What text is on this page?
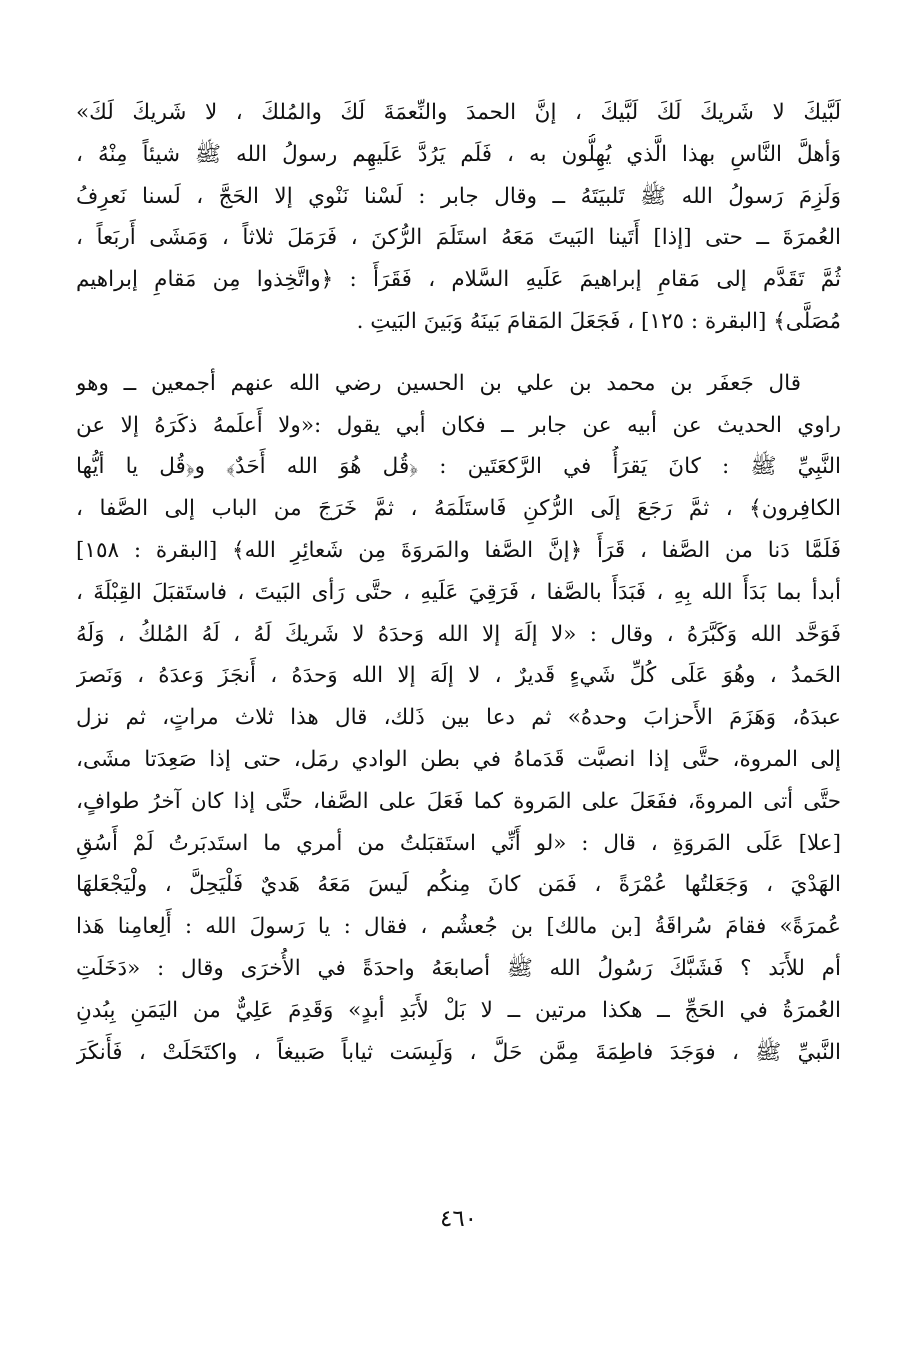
لَبَّيكَ لا شَريكَ لَكَ لَبَّيكَ ، إنَّ الحمدَ والنِّعمَةَ لَكَ والمُلكَ ، لا شَريكَ لَكَ»
وَأهلَّ النَّاسِ بهذا الَّذي يُهِلُّون به ، فَلَم يَرُدَّ عَلَيهِم رسولُ الله ﷺ شيئاً مِنْهُ ،
وَلَزِمَ رَسولُ الله ﷺ تَلبيَتَهُ ــ وقال جابر : لَسْنا نَنْوي إلا الحَجَّ ، لَسنا نَعرِفُ
العُمرَةَ ــ حتى [إذا] أَتَينا البَيتَ مَعَهُ استَلَمَ الرُّكنَ ، فَرَمَلَ ثلاثاً ، وَمَشَى أَربَعاً ،
ثُمَّ تَقَدَّم إلى مَقامِ إبراهيمَ عَلَيهِ السَّلام ، فَقَرَأَ : ﴿واتَّخِذوا مِن مَقامِ إبراهيم
مُصَلَّى﴾ [البقرة : ١٢٥] ، فَجَعَلَ المَقامَ بَينَهُ وَبَينَ البَيتِ .
قال جَعفَر بن محمد بن علي بن الحسين رضي الله عنهم أجمعين ــ وهو
راوي الحديث عن أبيه عن جابر ــ فكان أبي يقول :«ولا أَعلَمهُ ذكَرَهُ إلا عن
النَّبِيِّ ﷺ : كانَ يَقرَأُ في الرَّكعَتَين : ﴿قُل هُوَ الله أَحَدٌ﴾ و﴿قُل يا أيُّها
الكافِرون﴾ ، ثمَّ رَجَعَ إلَى الرُّكنِ فَاستَلَمَهُ ، ثمَّ خَرَجَ من الباب إلى الصَّفا ،
فَلَمَّا دَنا من الصَّفا ، قَرَأَ ﴿إنَّ الصَّفا والمَروَةَ مِن شَعائِرِ الله﴾ [البقرة : ١٥٨]
أبدأ بما بَدَأَ الله بِهِ ، فَبَدَأَ بالصَّفا ، فَرَقِيَ عَلَيهِ ، حتَّى رَأى البَيتَ ، فاستَقبَلَ القِبْلَةَ ،
فَوَحَّد الله وَكَبَّرَهُ ، وقال : «لا إلَهَ إلا الله وَحدَهُ لا شَريكَ لَهُ ، لَهُ المُلكُ ، وَلَهُ
الحَمدُ ، وهُوَ عَلَى كُلِّ شَيءٍ قَديرٌ ، لا إلَهَ إلا الله وَحدَهُ ، أَنجَزَ وَعدَهُ ، وَنَصرَ
عبدَهُ، وَهَزَمَ الأَحزابَ وحدهُ» ثم دعا بين ذَلك، قال هذا ثلاث مراتٍ، ثم نزل
إلى المروة، حتَّى إذا انصبَّت قَدَماهُ في بطن الوادي رمَل، حتى إذا صَعِدَتا مشَى،
حتَّى أتى المروةَ، ففَعَلَ على المَروة كما فَعَلَ على الصَّفا، حتَّى إذا كان آخرُ طوافٍ،
[علا] عَلَى المَروَةِ ، قال : «لو أَنِّي استَقبَلتُ من أمري ما استَدبَرتُ لَمْ أَسُقِ
الهَدْيَ ، وَجَعَلتُها عُمْرَةً ، فَمَن كانَ مِنكُم لَيسَ مَعَهُ هَديٌ فَلْيَحِلَّ ، ولْيَجْعَلهَا
عُمرَةً» فقامَ سُراقَةُ [بن مالك] بن جُعشُم ، فقال : يا رَسولَ الله : أَلِعامِنا هَذا
أم للأَبَد ؟ فَشَبَّكَ رَسُولُ الله ﷺ أصابعَهُ واحدَةً في الأُخرَى وقال : «دَخَلَتِ
العُمرَةُ في الحَجِّ ــ هكذا مرتين ــ لا بَلْ لأَبَدِ أبدٍ» وَقَدِمَ عَلِيٌّ من اليَمَنِ بِبُدنِ
النَّبيِّ ﷺ ، فوَجَدَ فاطِمَةَ مِمَّن حَلَّ ، وَلَبِسَت ثياباً صَبيغاً ، واكتَحَلَتْ ، فَأَنكَرَ
٤٦٠
